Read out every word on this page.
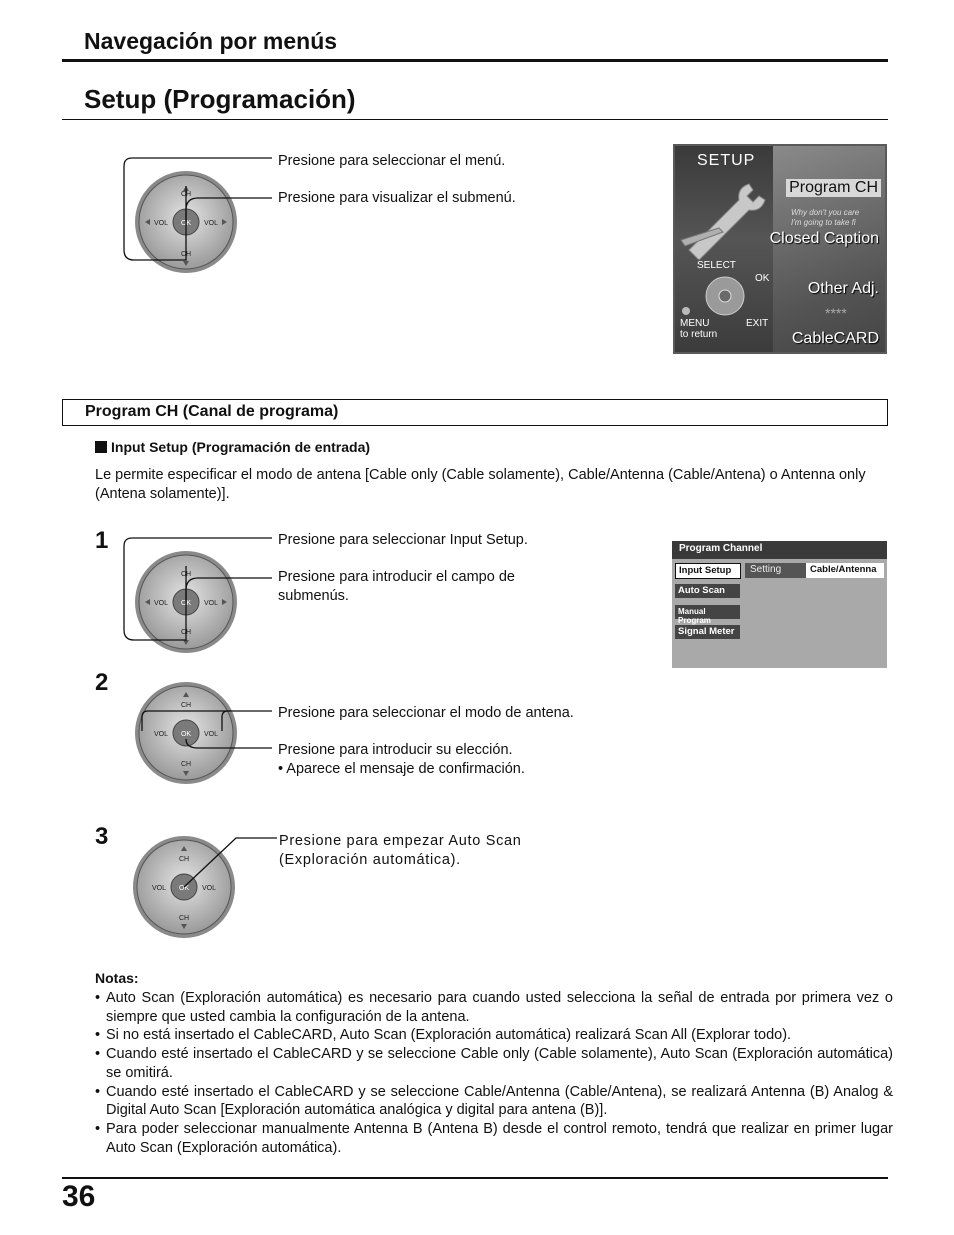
Navegación por menús
Setup (Programación)
OK
CH
CH
VOL	VOL
Presione para seleccionar el menú.
Presione para visualizar el submenú.
SETUP
SELECT
OK
MENU
to return
EXIT
Why don't you care
I'm going to take fi
****
Program CH
Closed Caption
Other Adj.
CableCARD
Program CH (Canal de programa)
Input Setup (Programación de entrada)
Le permite especificar el modo de antena [Cable only (Cable solamente), Cable/Antenna (Cable/Antena) o Antenna only (Antena solamente)].
1
OK
CH
CH
VOL	VOL
Presione para seleccionar Input Setup.
Presione para introducir el campo de submenús.
Program Channel
Input Setup	Setting	Cable/Antenna
Auto Scan
Manual Program
Signal Meter
2
OK
CH
CH
VOL	VOL
Presione para seleccionar el modo de antena.
Presione para introducir su elección.
• Aparece el mensaje de confirmación.
3
OK
CH
CH
VOL	VOL
Presione para empezar Auto Scan (Exploración automática).
Notas:
• Auto Scan (Exploración automática) es necesario para cuando usted selecciona la señal de entrada por primera vez o siempre que usted cambia la configuración de la antena.
• Si no está insertado el CableCARD, Auto Scan (Exploración automática) realizará Scan All (Explorar todo).
• Cuando esté insertado el CableCARD y se seleccione Cable only (Cable solamente), Auto Scan (Exploración automática) se omitirá.
• Cuando esté insertado el CableCARD y se seleccione Cable/Antenna (Cable/Antena), se realizará Antenna (B) Analog & Digital Auto Scan [Exploración automática analógica y digital para antena (B)].
• Para poder seleccionar manualmente Antenna B (Antena B) desde el control remoto, tendrá que realizar en primer lugar Auto Scan (Exploración automática).
36
